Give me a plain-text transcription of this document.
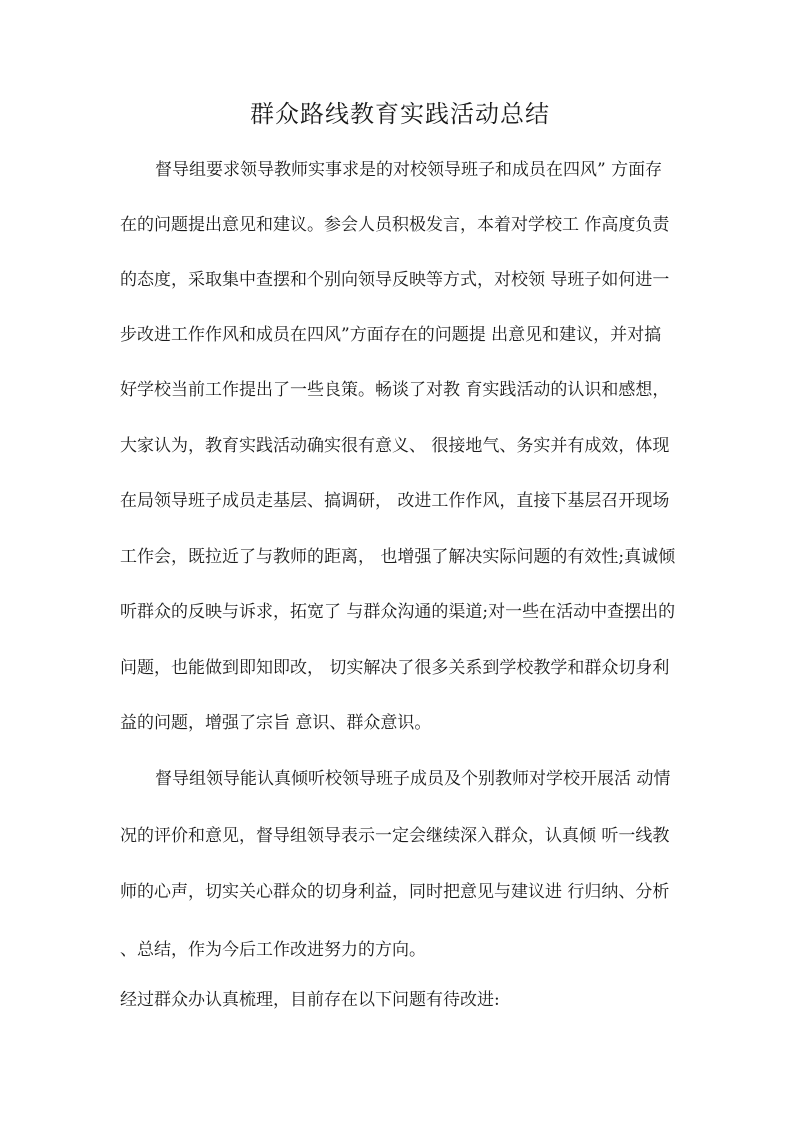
群众路线教育实践活动总结

督导组要求领导教师实事求是的对校领导班子和成员在四风” 方面存

在的问题提出意见和建议。参会人员积极发言，本着对学校工 作高度负责

的态度，采取集中查摆和个别向领导反映等方式，对校领 导班子如何进一

步改进工作作风和成员在四风”方面存在的问题提 出意见和建议，并对搞

好学校当前工作提出了一些良策。畅谈了对教 育实践活动的认识和感想，

大家认为，教育实践活动确实很有意义、 很接地气、务实并有成效，体现

在局领导班子成员走基层、搞调研， 改进工作作风，直接下基层召开现场

工作会，既拉近了与教师的距离， 也增强了解决实际问题的有效性;真诚倾

听群众的反映与诉求，拓宽了 与群众沟通的渠道;对一些在活动中查摆出的

问题，也能做到即知即改， 切实解决了很多关系到学校教学和群众切身利

益的问题，增强了宗旨 意识、群众意识。

督导组领导能认真倾听校领导班子成员及个别教师对学校开展活 动情

况的评价和意见，督导组领导表示一定会继续深入群众，认真倾 听一线教

师的心声，切实关心群众的切身利益，同时把意见与建议进 行归纳、分析

、总结，作为今后工作改进努力的方向。

经过群众办认真梳理，目前存在以下问题有待改进:
